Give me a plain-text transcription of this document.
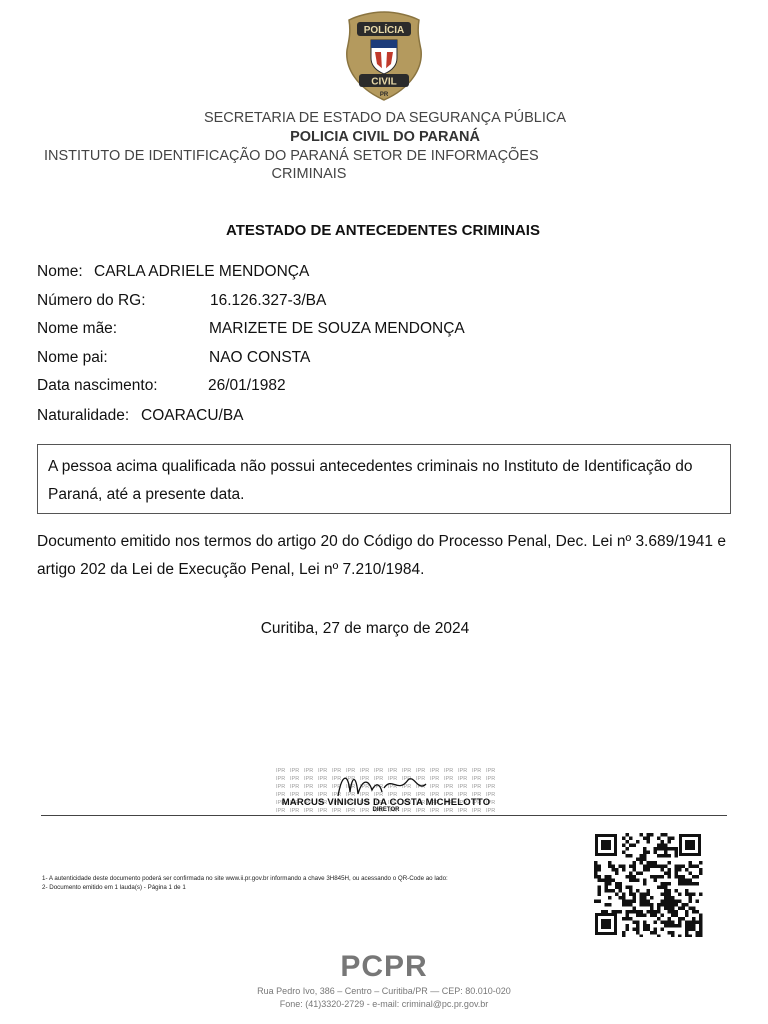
POLÍCIA
CIVIL
PR
SECRETARIA DE ESTADO DA SEGURANÇA PÚBLICA
POLICIA CIVIL DO PARANÁ
INSTITUTO DE IDENTIFICAÇÃO DO PARANÁ SETOR DE INFORMAÇÕES
CRIMINAIS
ATESTADO DE ANTECEDENTES CRIMINAIS
Nome: CARLA ADRIELE MENDONÇA
Número do RG:	16.126.327-3/BA
Nome mãe:	MARIZETE DE SOUZA MENDONÇA
Nome pai:	NAO CONSTA
Data nascimento:	26/01/1982
Naturalidade: COARACU/BA
A pessoa acima qualificada não possui antecedentes criminais no Instituto de Identificação do Paraná, até a presente data.
Documento emitido nos termos do artigo 20 do Código do Processo Penal, Dec. Lei nº 3.689/1941 e artigo 202 da Lei de Execução Penal, Lei nº 7.210/1984.
Curitiba, 27 de março de 2024
MARCUS VINICIUS DA COSTA MICHELOTTO
DIRETOR
1- A autenticidade deste documento poderá ser confirmada no site www.ii.pr.gov.br informando a chave 3H845H, ou acessando o QR-Code ao lado:
2- Documento emitido em 1 lauda(s) - Página 1 de 1
PCPR
Rua Pedro Ivo, 386 – Centro – Curitiba/PR — CEP: 80.010-020
Fone: (41)3320-2729 - e-mail: criminal@pc.pr.gov.br
